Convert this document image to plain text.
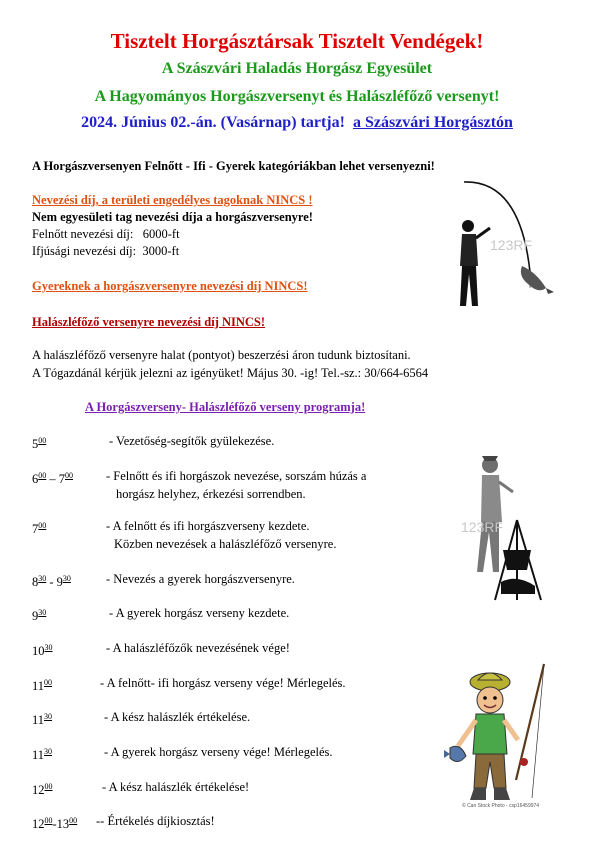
Tisztelt Horgásztársak Tisztelt Vendégek!
A Szászvári Haladás Horgász Egyesület
A Hagyományos Horgászversenyt és Halászléfőző versenyt!
2024. Június 02.-án. (Vasárnap) tartja! a Szászvári Horgásztón
A Horgászversenyen Felnőtt - Ifi - Gyerek kategóriákban lehet versenyezni!
Nevezési díj, a területi engedélyes tagoknak NINCS !
Nem egyesületi tag nevezési díja a horgászversenyre!
Felnőtt nevezési díj: 6000-ft
Ifjúsági nevezési díj: 3000-ft
Gyereknek a horgászversenyre nevezési díj NINCS!
Halászléfőző versenyre nevezési díj NINCS!
A halászléfőző versenyre halat (pontyot) beszerzési áron tudunk biztosítani.
A Tógazdánál kérjük jelezni az igényüket! Május 30. -ig! Tel.-sz.: 30/664-6564
A Horgászverseny- Halászléfőző verseny programja!
$5^{00}$	- Vezetőség-segítők gyülekezése.
$6^{00} - 7^{00}$	- Felnőtt és ifi horgászok nevezése, sorszám húzás a
horgász helyhez, érkezési sorrendben.
$7^{00}$	- A felnőtt és ifi horgászverseny kezdete.
Közben nevezések a halászléfőző versenyre.
$8^{30} - 9^{30}$	- Nevezés a gyerek horgászversenyre.
$9^{30}$	- A gyerek horgász verseny kezdete.
$10^{30}$	- A halászléfőzők nevezésének vége!
$11^{00}$	- A felnőtt- ifi horgász verseny vége! Mérlegelés.
$11^{30}$	- A kész halászlék értékelése.
$11^{30}$	- A gyerek horgász verseny vége! Mérlegelés.
$12^{00}$	- A kész halászlék értékelése!
$12^{00}-13^{00}$ -- Értékelés díjkiosztás!
123RF
123RF
© Can Stock Photo - csp16459974
